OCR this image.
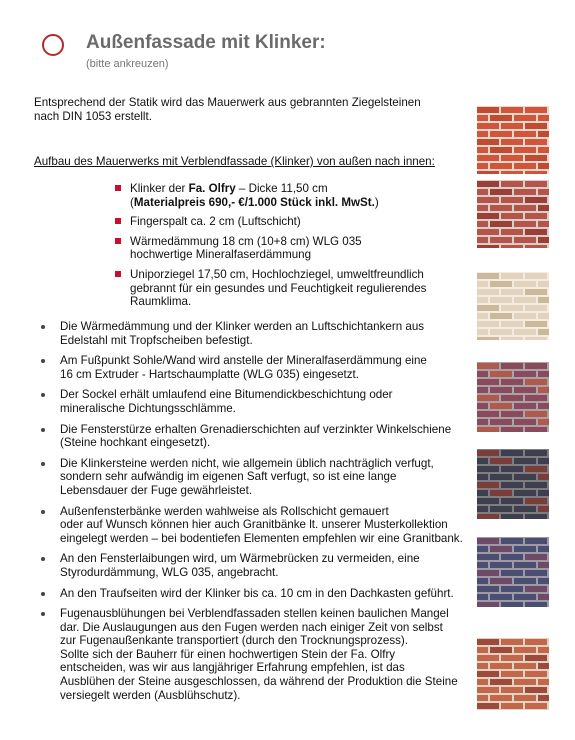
Außenfassade mit Klinker:
(bitte ankreuzen)
Entsprechend der Statik wird das Mauerwerk aus gebrannten Ziegelsteinen
nach DIN 1053 erstellt.
Aufbau des Mauerwerks mit Verblendfassade (Klinker) von außen nach innen:
Klinker der Fa. Olfry – Dicke 11,50 cm
(Materialpreis 690,- €/1.000 Stück inkl. MwSt.)
Fingerspalt ca. 2 cm (Luftschicht)
Wärmedämmung 18 cm (10+8 cm) WLG 035
hochwertige Mineralfaserdämmung
Uniporziegel 17,50 cm, Hochlochziegel, umweltfreundlich
gebrannt für ein gesundes und Feuchtigkeit regulierendes
Raumklima.
Die Wärmedämmung und der Klinker werden an Luftschichtankern aus
Edelstahl mit Tropfscheiben befestigt.
Am Fußpunkt Sohle/Wand wird anstelle der Mineralfaserdämmung eine
16 cm Extruder - Hartschaumplatte (WLG 035) eingesetzt.
Der Sockel erhält umlaufend eine Bitumendickbeschichtung oder
mineralische Dichtungsschlämme.
Die Fensterstürze erhalten Grenadierschichten auf verzinkter Winkelschiene
(Steine hochkant eingesetzt).
Die Klinkersteine werden nicht, wie allgemein üblich nachträglich verfugt,
sondern sehr aufwändig im eigenen Saft verfugt, so ist eine lange
Lebensdauer der Fuge gewährleistet.
Außenfensterbänke werden wahlweise als Rollschicht gemauert
oder auf Wunsch können hier auch Granitbänke lt. unserer Musterkollektion
eingelegt werden – bei bodentiefen Elementen empfehlen wir eine Granitbank.
An den Fensterlaibungen wird, um Wärmebrücken zu vermeiden, eine
Styrodurdämmung, WLG 035, angebracht.
An den Traufseiten wird der Klinker bis ca. 10 cm in den Dachkasten geführt.
Fugenausblühungen bei Verblendfassaden stellen keinen baulichen Mangel
dar. Die Auslaugungen aus den Fugen werden nach einiger Zeit von selbst
zur Fugenaußenkante transportiert (durch den Trocknungsprozess).
Sollte sich der Bauherr für einen hochwertigen Stein der Fa. Olfry
entscheiden, was wir aus langjähriger Erfahrung empfehlen, ist das
Ausblühen der Steine ausgeschlossen, da während der Produktion die Steine
versiegelt werden (Ausblühschutz).
